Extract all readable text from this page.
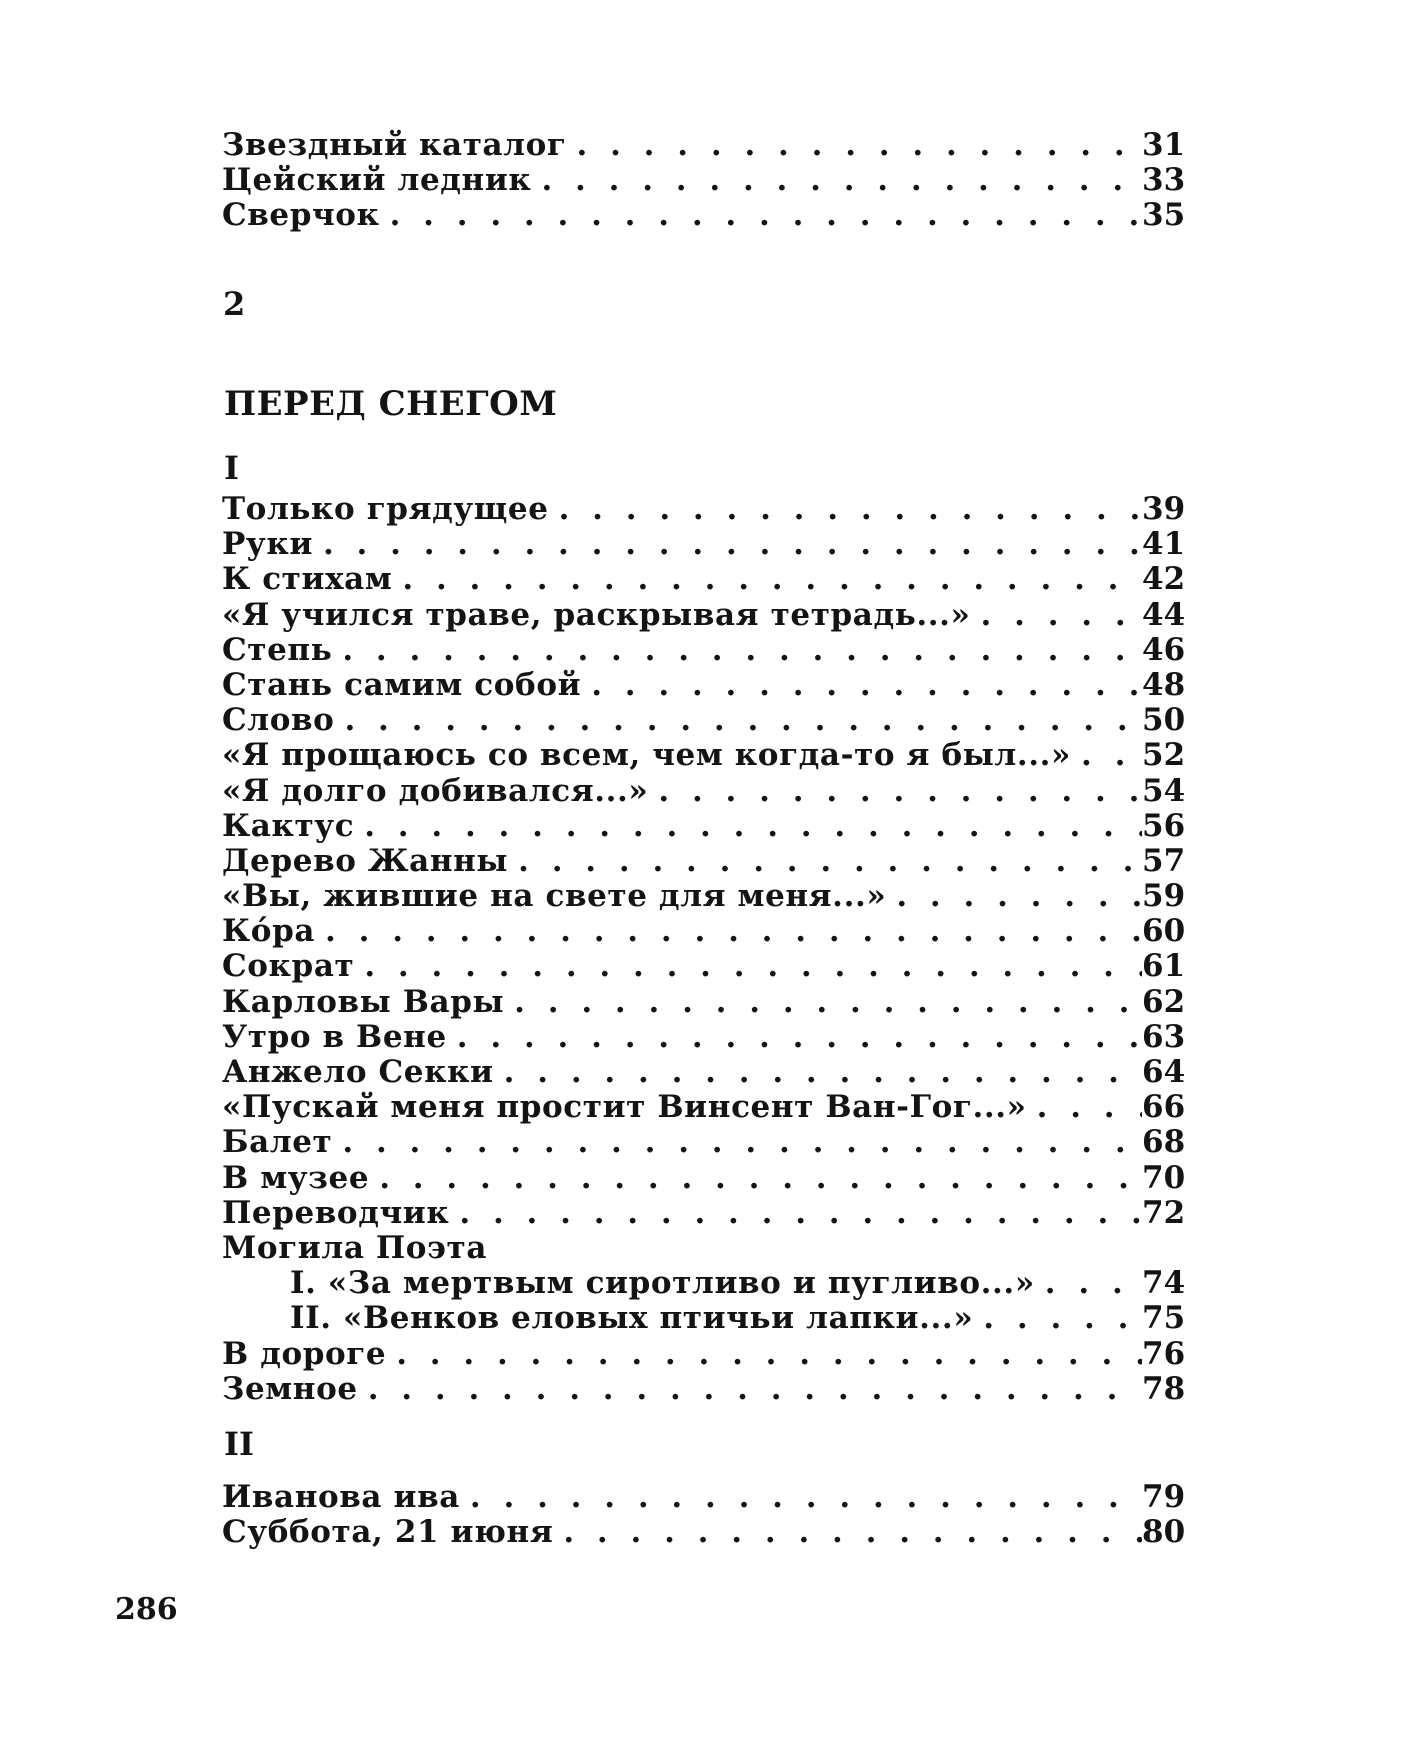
Звездный каталог . . .	31
Цейский ледник . . .	33
Сверчок . . .	35
2
ПЕРЕД СНЕГОМ
I
Только грядущее . . .	39
Руки . . .	41
К стихам . . .	42
«Я учился траве, раскрывая тетрадь...» . . .	44
Степь . . .	46
Стань самим собой . . .	48
Слово . . .	50
«Я прощаюсь со всем, чем когда-то я был...» . . . 52
«Я долго добивался...» . . .	54
Кактус . . .	56
Дерево Жанны . . .	57
«Вы, жившие на свете для меня...» . . .	59
Кóра . . .	60
Сократ . . .	61
Карловы Вары . . .	62
Утро в Вене . . .	63
Анжело Секки . . .	64
«Пускай меня простит Винсент Ван-Гог...» . . .	66
Балет . . .	68
В музее . . .	70
Переводчик . . .	72
Могила Поэта
I. «За мертвым сиротливо и пугливо...» . . .	74
II. «Венков еловых птичьи лапки...» . . .	75
В дороге . . .	76
Земное . . .	78
II
Иванова ива . . .	79
Суббота, 21 июня . . .	80
286
